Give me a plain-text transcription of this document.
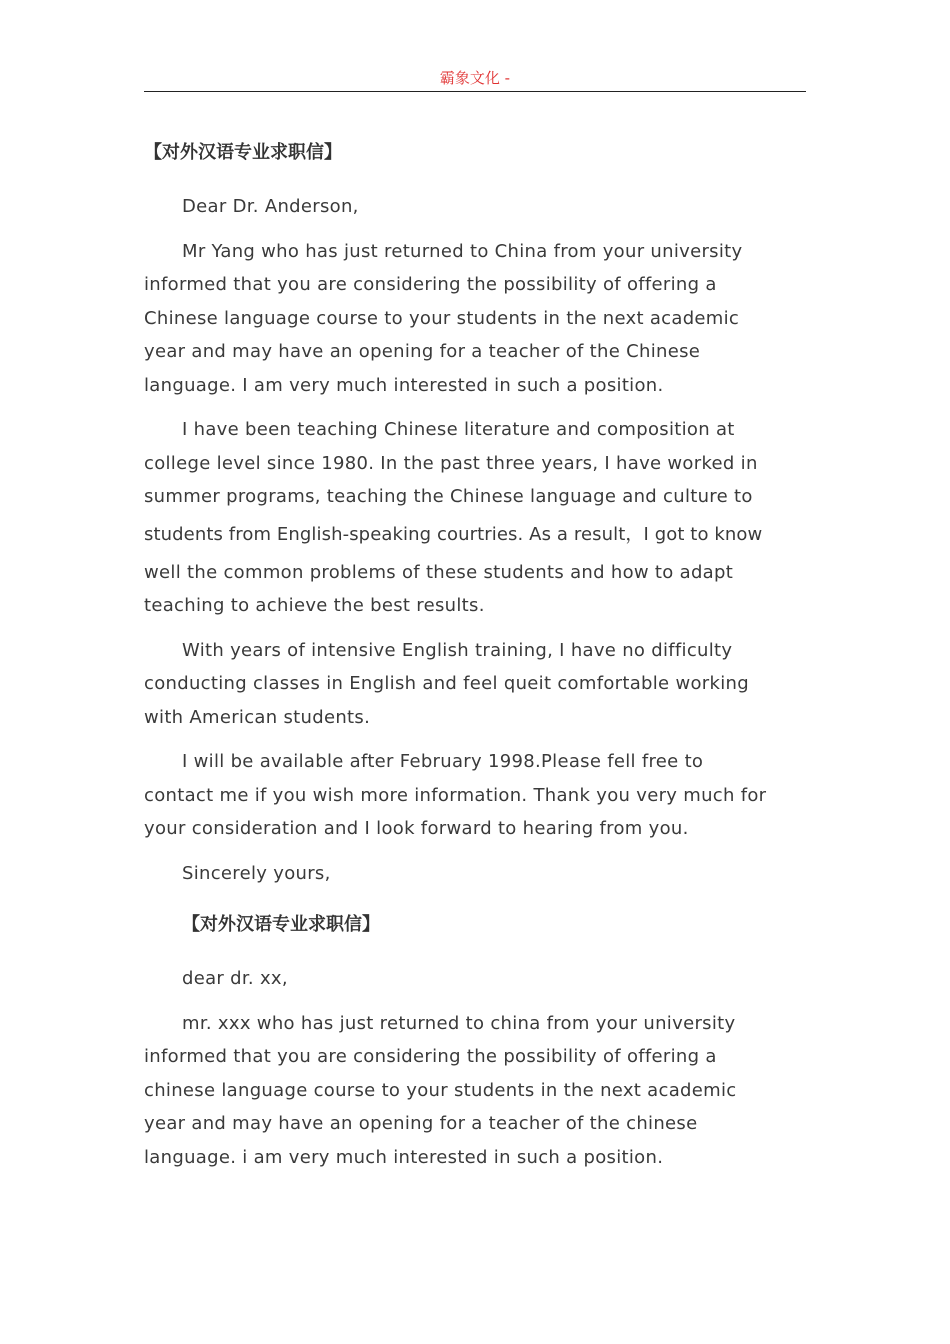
霸象文化 -
【对外汉语专业求职信】

Dear Dr. Anderson,

Mr Yang who has just returned to China from your university
informed that you are considering the possibility of offering a
Chinese language course to your students in the next academic
year and may have an opening for a teacher of the Chinese
language. I am very much interested in such a position.

I have been teaching Chinese literature and composition at
college level since 1980. In the past three years, I have worked in
summer programs, teaching the Chinese language and culture to
students from English-speaking courtries. As a result，I got to know
well the common problems of these students and how to adapt
teaching to achieve the best results.

With years of intensive English training, I have no difficulty
conducting classes in English and feel queit comfortable working
with American students.

I will be available after February 1998.Please fell free to
contact me if you wish more information. Thank you very much for
your consideration and I look forward to hearing from you.

Sincerely yours,

【对外汉语专业求职信】

dear dr. xx,

mr. xxx who has just returned to china from your university
informed that you are considering the possibility of offering a
chinese language course to your students in the next academic
year and may have an opening for a teacher of the chinese
language. i am very much interested in such a position.
